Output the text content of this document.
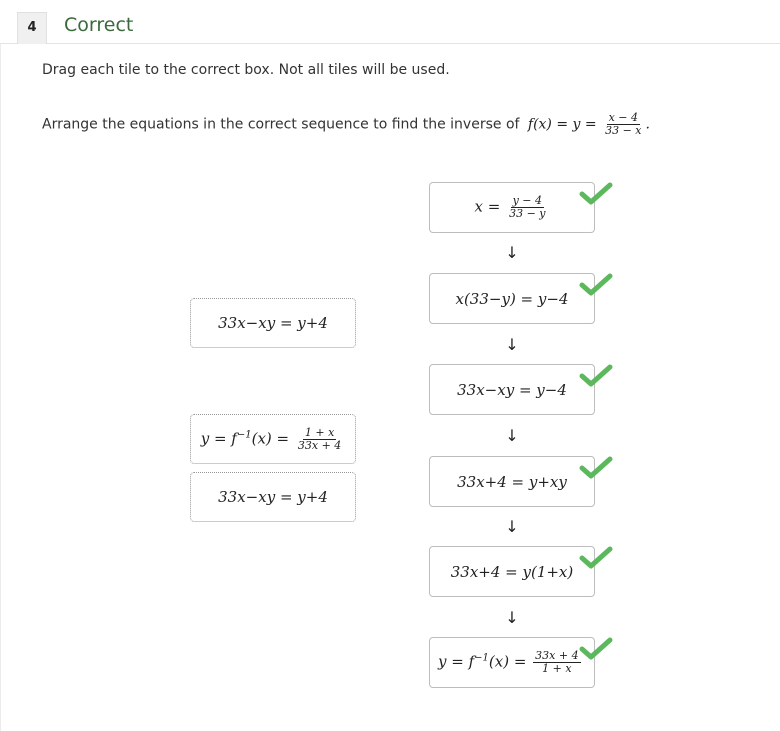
4	Correct
Drag each tile to the correct box. Not all tiles will be used.
Arrange the equations in the correct sequence to find the inverse of $f(x) = y = \frac{x - 4}{33 - x}$ .
33x−xy = y+4
$y = f^{-1}(x) = \frac{1 + x}{33x + 4}$
33x−xy = y+4
$x = \frac{y - 4}{33 - y}$
↓
x(33−y) = y−4
↓
33x−xy = y−4
↓
33x+4 = y+xy
↓
33x+4 = y(1+x)
↓
$y = f^{-1}(x) = \frac{33x + 4}{1 + x}$
